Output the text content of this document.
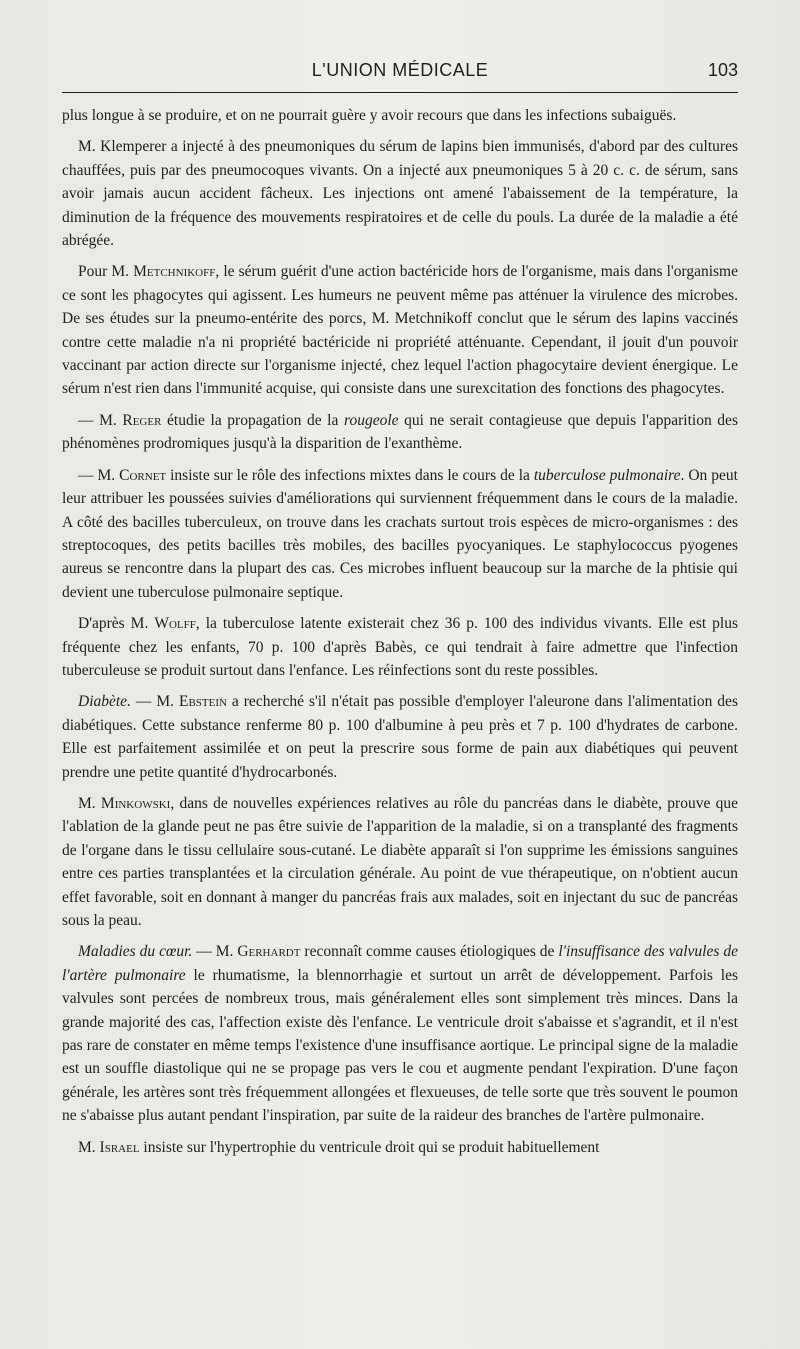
L'UNION MÉDICALE	103

plus longue à se produire, et on ne pourrait guère y avoir recours que dans les infections subaiguës.

M. Klemperer a injecté à des pneumoniques du sérum de lapins bien immunisés, d'abord par des cultures chauffées, puis par des pneumocoques vivants. On a injecté aux pneumoniques 5 à 20 c. c. de sérum, sans avoir jamais aucun accident fâcheux. Les injections ont amené l'abaissement de la température, la diminution de la fréquence des mouvements respiratoires et de celle du pouls. La durée de la maladie a été abrégée.

Pour M. Metchnikoff, le sérum guérit d'une action bactéricide hors de l'organisme, mais dans l'organisme ce sont les phagocytes qui agissent. Les humeurs ne peuvent même pas atténuer la virulence des microbes. De ses études sur la pneumo-entérite des porcs, M. Metchnikoff conclut que le sérum des lapins vaccinés contre cette maladie n'a ni propriété bactéricide ni propriété atténuante. Cependant, il jouit d'un pouvoir vaccinant par action directe sur l'organisme injecté, chez lequel l'action phagocytaire devient énergique. Le sérum n'est rien dans l'immunité acquise, qui consiste dans une surexcitation des fonctions des phagocytes.

— M. Reger étudie la propagation de la rougeole qui ne serait contagieuse que depuis l'apparition des phénomènes prodromiques jusqu'à la disparition de l'exanthème.

— M. Cornet insiste sur le rôle des infections mixtes dans le cours de la tuberculose pulmonaire. On peut leur attribuer les poussées suivies d'améliorations qui surviennent fréquemment dans le cours de la maladie. A côté des bacilles tuberculeux, on trouve dans les crachats surtout trois espèces de micro-organismes : des streptocoques, des petits bacilles très mobiles, des bacilles pyocyaniques. Le staphylococcus pyogenes aureus se rencontre dans la plupart des cas. Ces microbes influent beaucoup sur la marche de la phtisie qui devient une tuberculose pulmonaire septique.

D'après M. Wolff, la tuberculose latente existerait chez 36 p. 100 des individus vivants. Elle est plus fréquente chez les enfants, 70 p. 100 d'après Babès, ce qui tendrait à faire admettre que l'infection tuberculeuse se produit surtout dans l'enfance. Les réinfections sont du reste possibles.

Diabète. — M. Ebstein a recherché s'il n'était pas possible d'employer l'aleurone dans l'alimentation des diabétiques. Cette substance renferme 80 p. 100 d'albumine à peu près et 7 p. 100 d'hydrates de carbone. Elle est parfaitement assimilée et on peut la prescrire sous forme de pain aux diabétiques qui peuvent prendre une petite quantité d'hydrocarbonés.

M. Minkowski, dans de nouvelles expériences relatives au rôle du pancréas dans le diabète, prouve que l'ablation de la glande peut ne pas être suivie de l'apparition de la maladie, si on a transplanté des fragments de l'organe dans le tissu cellulaire sous-cutané. Le diabète apparaît si l'on supprime les émissions sanguines entre ces parties transplantées et la circulation générale. Au point de vue thérapeutique, on n'obtient aucun effet favorable, soit en donnant à manger du pancréas frais aux malades, soit en injectant du suc de pancréas sous la peau.

Maladies du cœur. — M. Gerhardt reconnaît comme causes étiologiques de l'insuffisance des valvules de l'artère pulmonaire le rhumatisme, la blennorrhagie et surtout un arrêt de développement. Parfois les valvules sont percées de nombreux trous, mais généralement elles sont simplement très minces. Dans la grande majorité des cas, l'affection existe dès l'enfance. Le ventricule droit s'abaisse et s'agrandit, et il n'est pas rare de constater en même temps l'existence d'une insuffisance aortique. Le principal signe de la maladie est un souffle diastolique qui ne se propage pas vers le cou et augmente pendant l'expiration. D'une façon générale, les artères sont très fréquemment allongées et flexueuses, de telle sorte que très souvent le poumon ne s'abaisse plus autant pendant l'inspiration, par suite de la raideur des branches de l'artère pulmonaire.

M. Israel insiste sur l'hypertrophie du ventricule droit qui se produit habituellement
